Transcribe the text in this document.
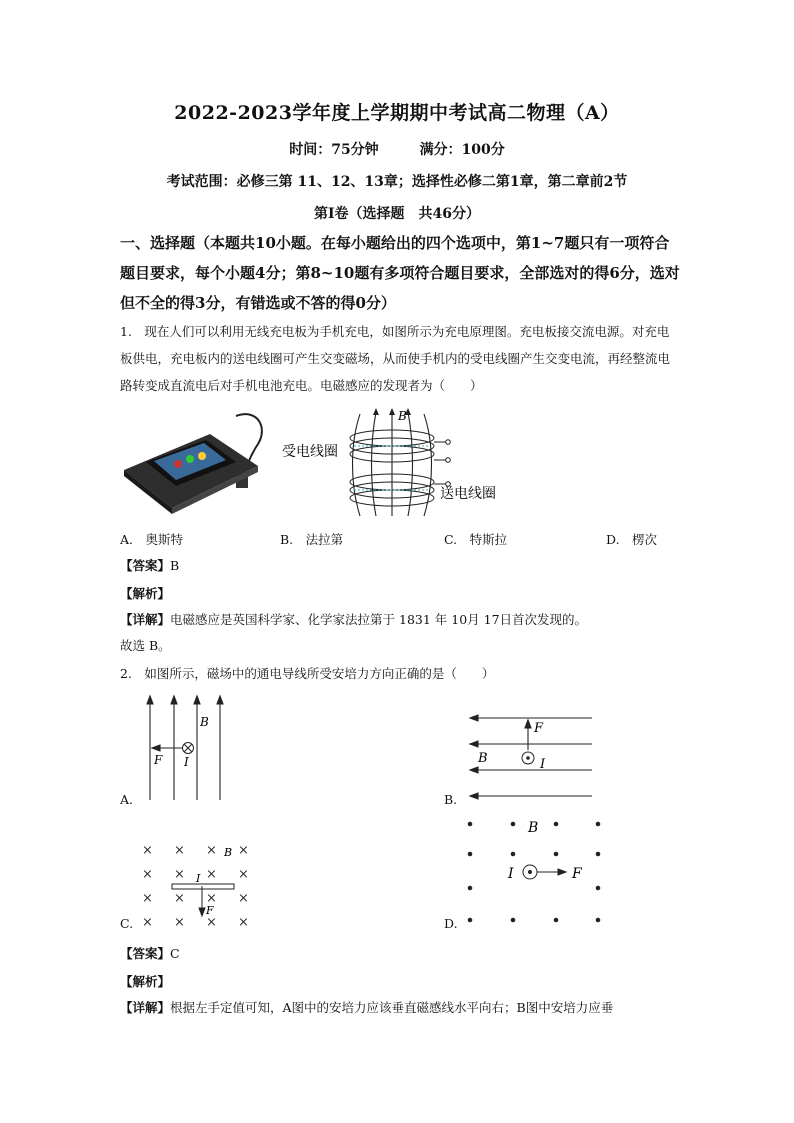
2022-2023学年度上学期期中考试高二物理（A）
时间：75分钟	满分：100分
考试范围：必修三第 11、12、13章；选择性必修二第1章，第二章前2节
第Ⅰ卷（选择题　共46分）
一、选择题（本题共10小题。在每小题给出的四个选项中，第1~7题只有一项符合题目要求，每个小题4分；第8~10题有多项符合题目要求，全部选对的得6分，选对但不全的得3分，有错选或不答的得0分）
1.　现在人们可以利用无线充电板为手机充电，如图所示为充电原理图。充电板接交流电源。对充电板供电，充电板内的送电线圈可产生交变磁场，从而使手机内的受电线圈产生交变电流，再经整流电路转变成直流电后对手机电池充电。电磁感应的发现者为（　　）
B
受电线圈
送电线圈
A.　奥斯特	B.　法拉第	C.　特斯拉	D.　楞次
【答案】B
【解析】
【详解】电磁感应是英国科学家、化学家法拉第于 1831 年 10月 17日首次发现的。
故选 B。
2.　如图所示，磁场中的通电导线所受安培力方向正确的是（　　）
B
F I
A.
F
B	I
B.
× × × ×
× × × ×
× × × ×
× × × ×
B
I
F
C.
B
I	F
D.
【答案】C
【解析】
【详解】根据左手定值可知，A图中的安培力应该垂直磁感线水平向右；B图中安培力应垂
